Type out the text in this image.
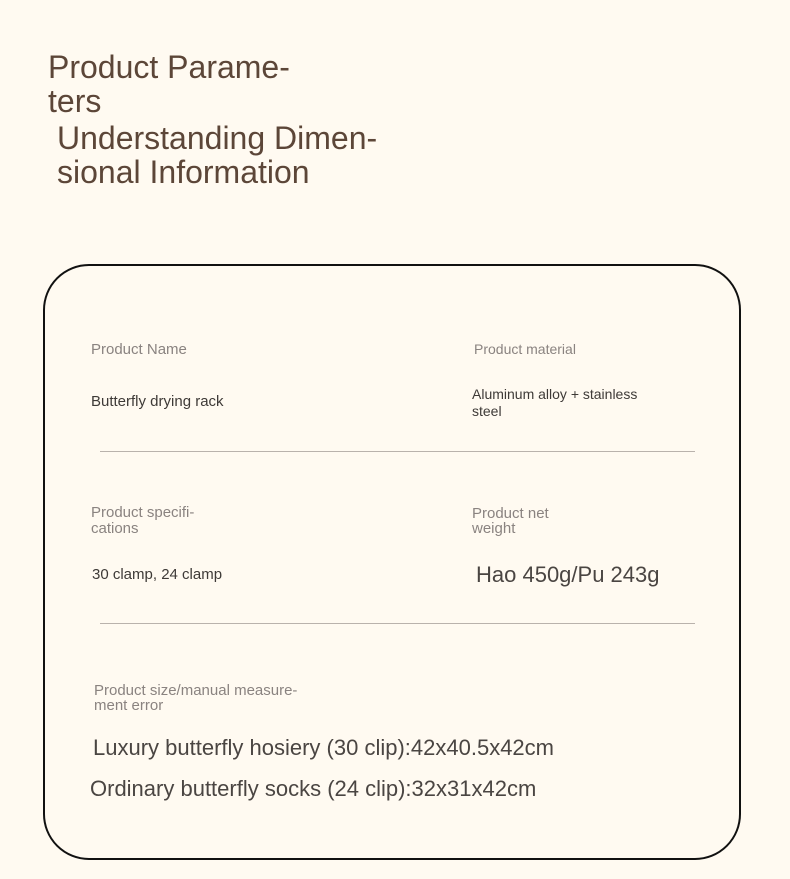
Product Parame-
ters
Understanding Dimen-
sional Information
Product Name
Butterfly drying rack
Product material
Aluminum alloy + stainless
steel
Product specifi-
cations
30 clamp, 24 clamp
Product net
weight
Hao 450g/Pu 243g
Product size/manual measure-
ment error
Luxury butterfly hosiery (30 clip):42x40.5x42cm
Ordinary butterfly socks (24 clip):32x31x42cm
